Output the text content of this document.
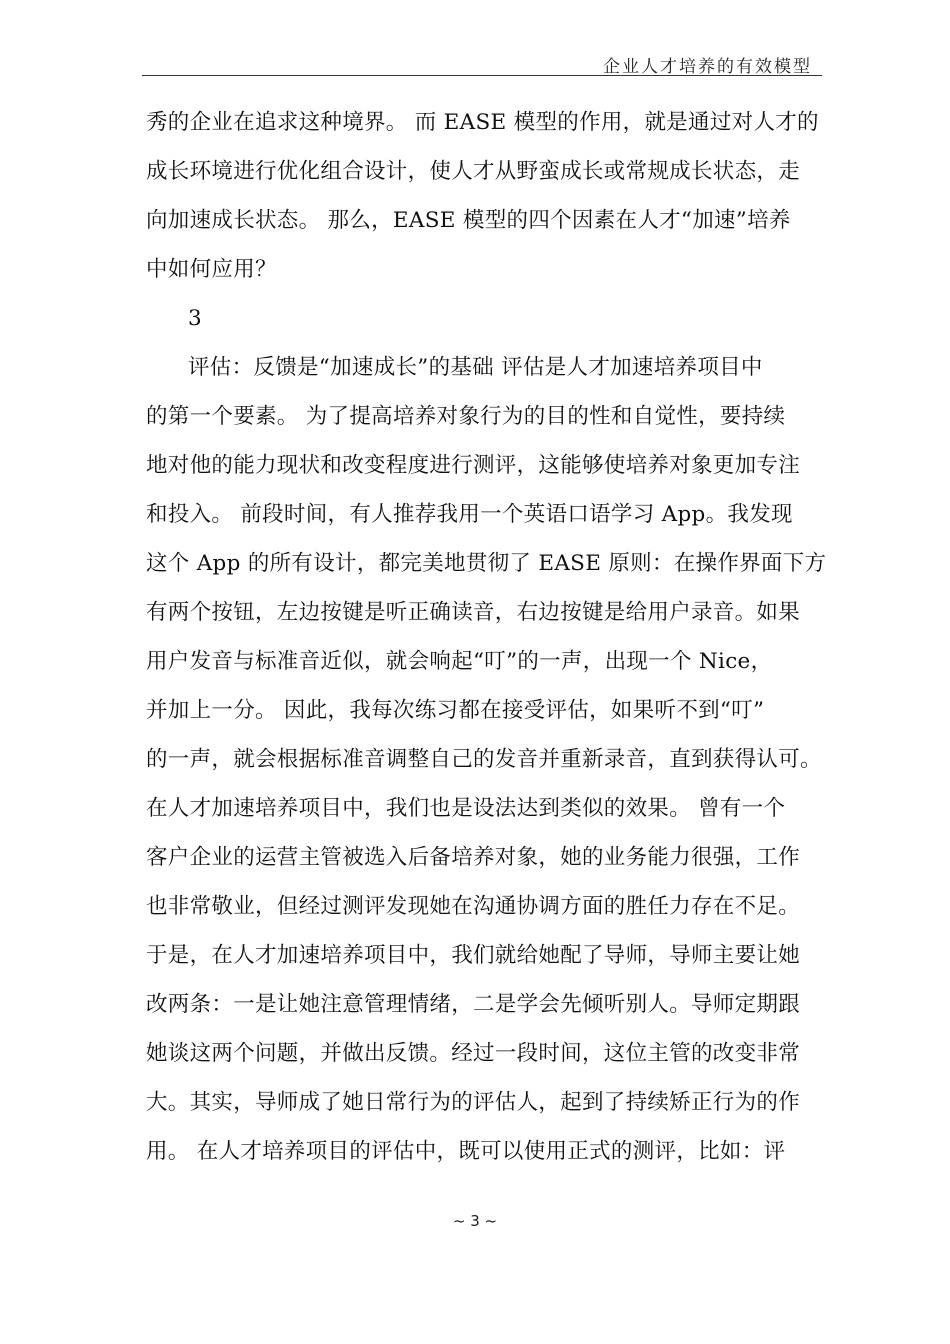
企业人才培养的有效模型
秀的企业在追求这种境界。 而 EASE 模型的作用，就是通过对人才的
成长环境进行优化组合设计，使人才从野蛮成长或常规成长状态，走
向加速成长状态。 那么，EASE 模型的四个因素在人才“加速”培养
中如何应用？
3
评估：反馈是“加速成长”的基础 评估是人才加速培养项目中
的第一个要素。 为了提高培养对象行为的目的性和自觉性，要持续
地对他的能力现状和改变程度进行测评，这能够使培养对象更加专注
和投入。 前段时间，有人推荐我用一个英语口语学习 App。我发现
这个 App 的所有设计，都完美地贯彻了 EASE 原则：在操作界面下方
有两个按钮，左边按键是听正确读音，右边按键是给用户录音。如果
用户发音与标准音近似，就会响起“叮”的一声，出现一个 Nice，
并加上一分。 因此，我每次练习都在接受评估，如果听不到“叮”
的一声，就会根据标准音调整自己的发音并重新录音，直到获得认可。
在人才加速培养项目中，我们也是设法达到类似的效果。 曾有一个
客户企业的运营主管被选入后备培养对象，她的业务能力很强，工作
也非常敬业，但经过测评发现她在沟通协调方面的胜任力存在不足。
于是，在人才加速培养项目中，我们就给她配了导师，导师主要让她
改两条：一是让她注意管理情绪，二是学会先倾听别人。导师定期跟
她谈这两个问题，并做出反馈。经过一段时间，这位主管的改变非常
大。其实，导师成了她日常行为的评估人，起到了持续矫正行为的作
用。 在人才培养项目的评估中，既可以使用正式的测评，比如：评
~ 3 ~
